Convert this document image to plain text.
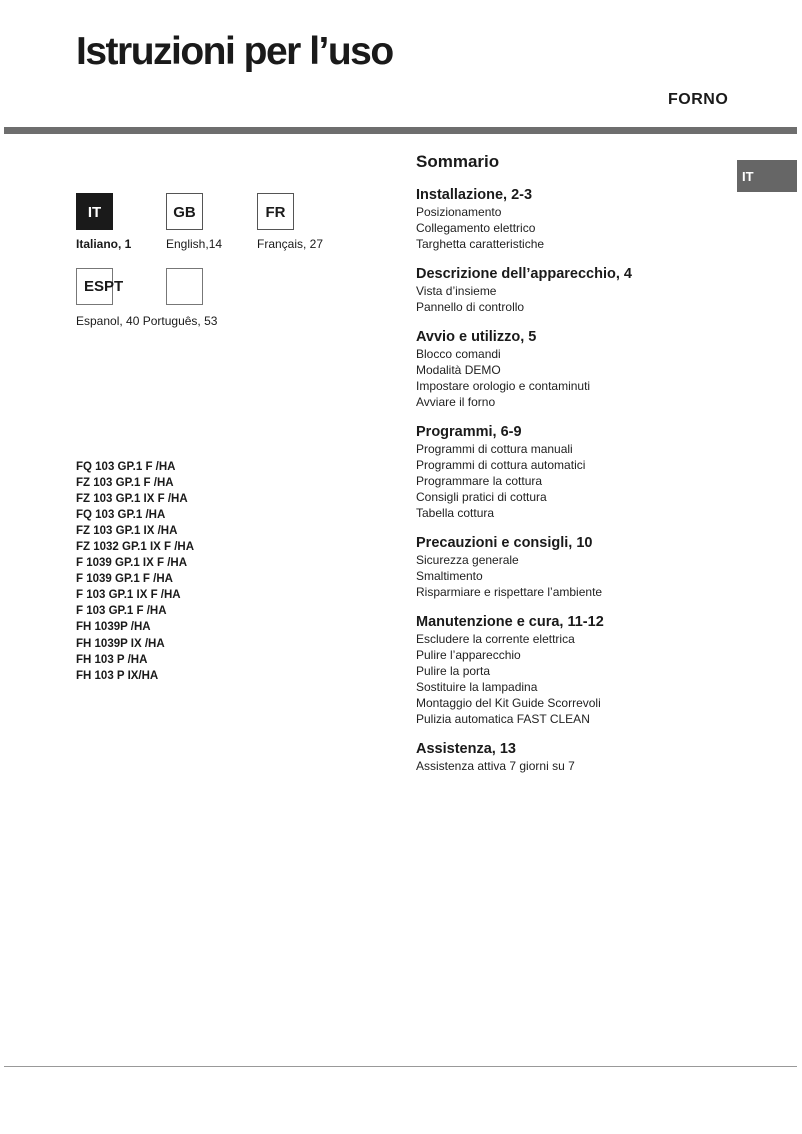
Istruzioni per l’uso
FORNO
IT
IT	GB	FR
Italiano, 1	English,14	Français, 27
ESPT
Espanol, 40 Português, 53
FQ 103 GP.1 F /HA
FZ 103 GP.1 F /HA
FZ 103 GP.1 IX F /HA
FQ 103 GP.1 /HA
FZ 103 GP.1 IX /HA
FZ 1032 GP.1 IX F /HA
F 1039 GP.1 IX F /HA
F 1039 GP.1 F /HA
F 103 GP.1 IX F /HA
F 103 GP.1 F /HA
FH 1039P /HA
FH 1039P IX /HA
FH 103 P /HA
FH 103 P IX/HA
Sommario
Installazione, 2-3
Posizionamento
Collegamento elettrico
Targhetta caratteristiche
Descrizione dell’apparecchio, 4
Vista d’insieme
Pannello di controllo
Avvio e utilizzo, 5
Blocco comandi
Modalità DEMO
Impostare orologio e contaminuti
Avviare il forno
Programmi, 6-9
Programmi di cottura manuali
Programmi di cottura automatici
Programmare la cottura
Consigli pratici di cottura
Tabella cottura
Precauzioni e consigli, 10
Sicurezza generale
Smaltimento
Risparmiare e rispettare l’ambiente
Manutenzione e cura, 11-12
Escludere la corrente elettrica
Pulire l’apparecchio
Pulire la porta
Sostituire la lampadina
Montaggio del Kit Guide Scorrevoli
Pulizia automatica FAST CLEAN
Assistenza, 13
Assistenza attiva 7 giorni su 7
